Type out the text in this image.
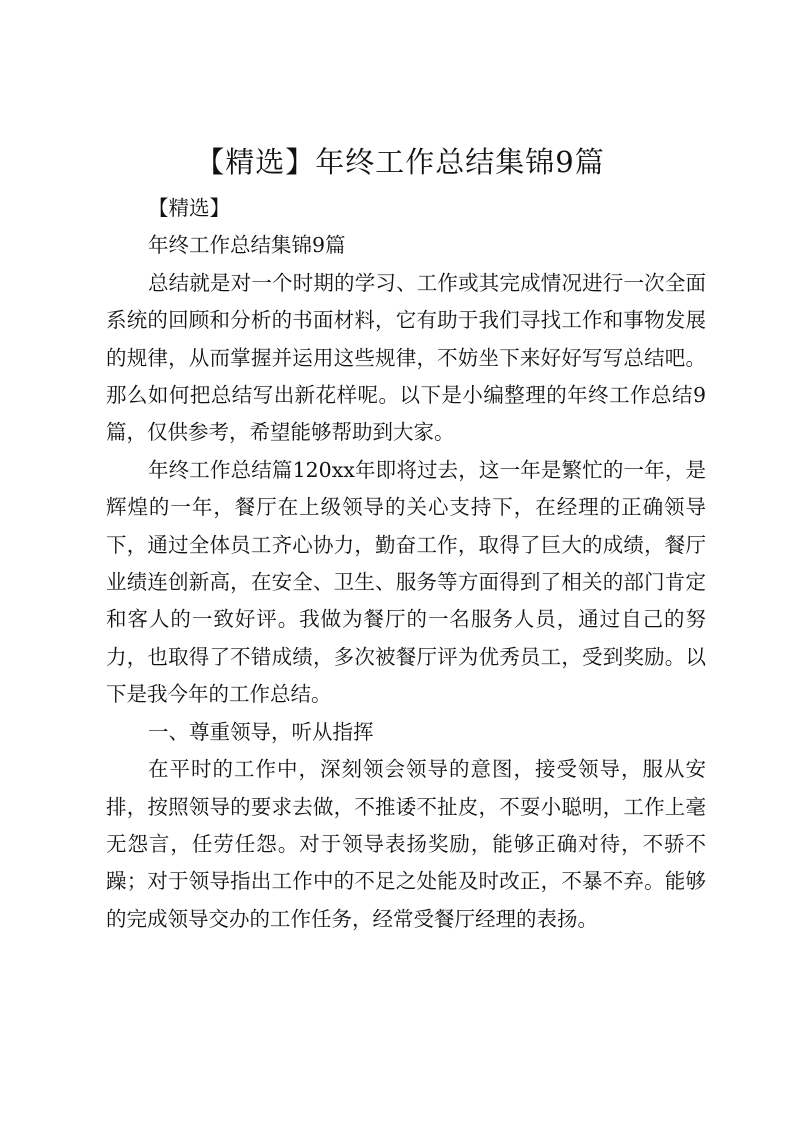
【精选】年终工作总结集锦9篇

【精选】

年终工作总结集锦9篇

总结就是对一个时期的学习、工作或其完成情况进行一次全面系统的回顾和分析的书面材料，它有助于我们寻找工作和事物发展的规律，从而掌握并运用这些规律，不妨坐下来好好写写总结吧。那么如何把总结写出新花样呢。以下是小编整理的年终工作总结9篇，仅供参考，希望能够帮助到大家。

年终工作总结篇120xx年即将过去，这一年是繁忙的一年，是辉煌的一年，餐厅在上级领导的关心支持下，在经理的正确领导下，通过全体员工齐心协力，勤奋工作，取得了巨大的成绩，餐厅业绩连创新高，在安全、卫生、服务等方面得到了相关的部门肯定和客人的一致好评。我做为餐厅的一名服务人员，通过自己的努力，也取得了不错成绩，多次被餐厅评为优秀员工，受到奖励。以下是我今年的工作总结。

一、尊重领导，听从指挥

在平时的工作中，深刻领会领导的意图，接受领导，服从安排，按照领导的要求去做，不推诿不扯皮，不耍小聪明，工作上毫无怨言，任劳任怨。对于领导表扬奖励，能够正确对待，不骄不躁；对于领导指出工作中的不足之处能及时改正，不暴不弃。能够的完成领导交办的工作任务，经常受餐厅经理的表扬。
